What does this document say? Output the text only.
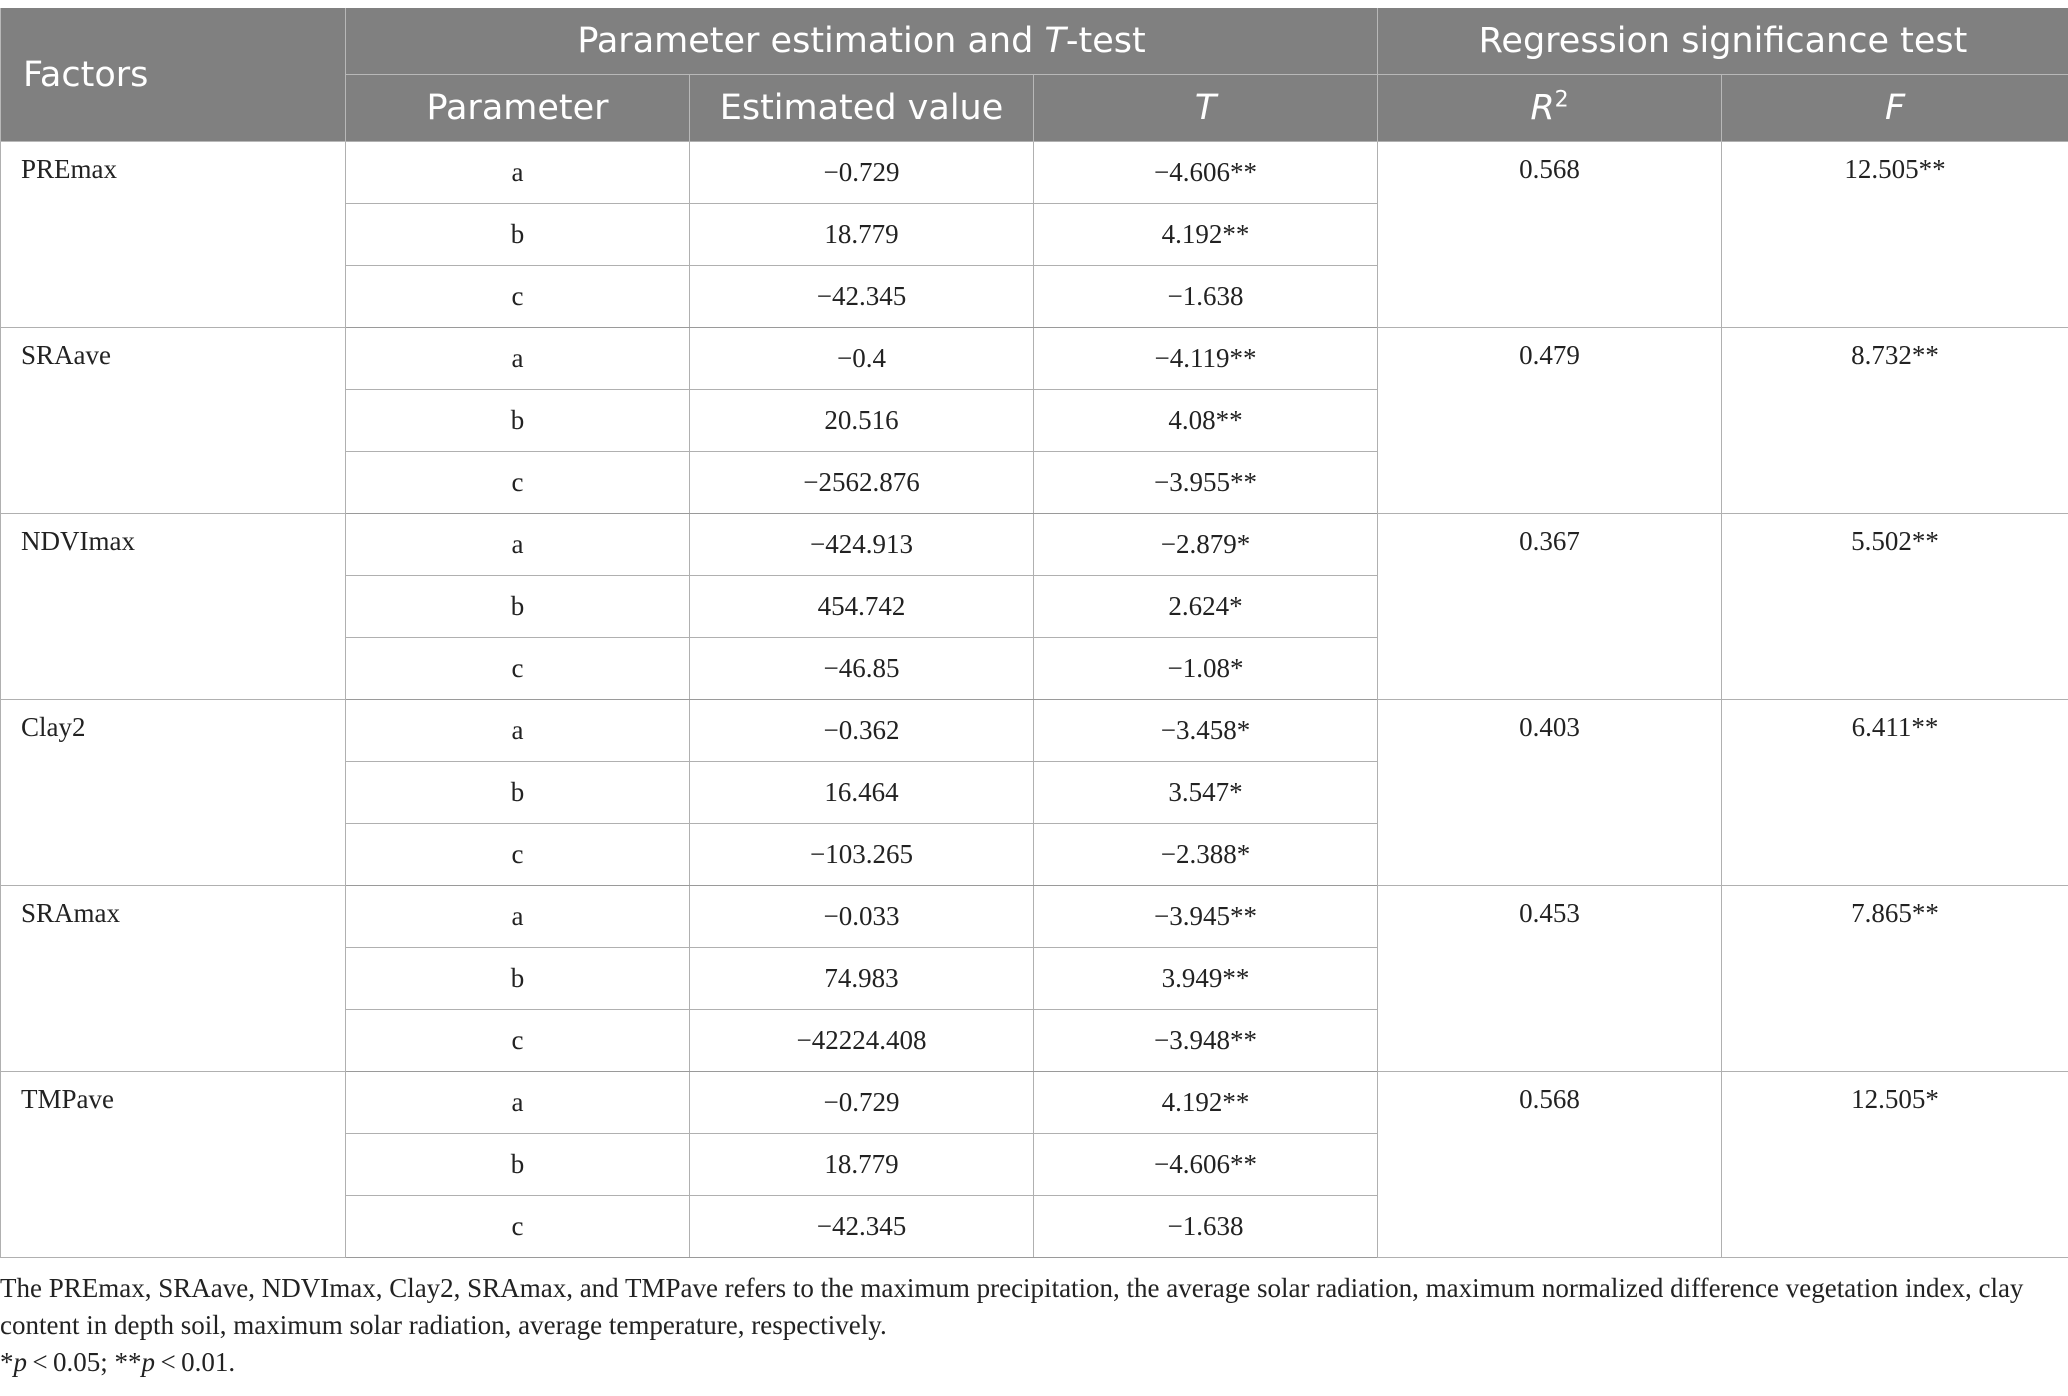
Factors	Parameter estimation and T-test			Regression significance test	
	Parameter	Estimated value	T	$R^2$	F
PREmax	a	−0.729	−4.606**	0.568	12.505**
	b	18.779	4.192**		
	c	−42.345	−1.638		
SRAave	a	−0.4	−4.119**	0.479	8.732**
	b	20.516	4.08**		
	c	−2562.876	−3.955**		
NDVImax	a	−424.913	−2.879*	0.367	5.502**
	b	454.742	2.624*		
	c	−46.85	−1.08*		
Clay2	a	−0.362	−3.458*	0.403	6.411**
	b	16.464	3.547*		
	c	−103.265	−2.388*		
SRAmax	a	−0.033	−3.945**	0.453	7.865**
	b	74.983	3.949**		
	c	−42224.408	−3.948**		
TMPave	a	−0.729	4.192**	0.568	12.505*
	b	18.779	−4.606**		
	c	−42.345	−1.638		

The PREmax, SRAave, NDVImax, Clay2, SRAmax, and TMPave refers to the maximum precipitation, the average solar radiation, maximum normalized difference vegetation index, clay content in depth soil, maximum solar radiation, average temperature, respectively.

*p < 0.05; **p < 0.01.
